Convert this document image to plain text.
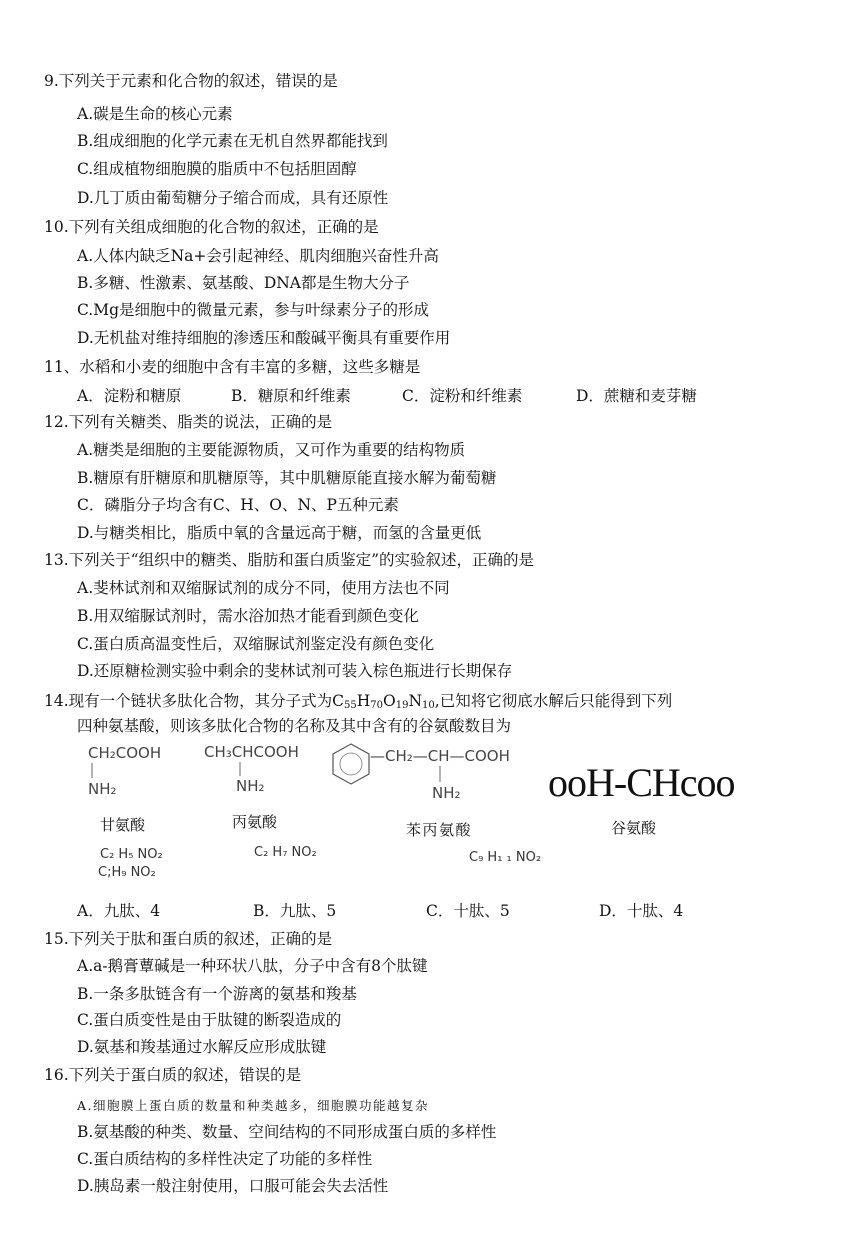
9.下列关于元素和化合物的叙述，错误的是
A.碳是生命的核心元素
B.组成细胞的化学元素在无机自然界都能找到
C.组成植物细胞膜的脂质中不包括胆固醇
D.几丁质由葡萄糖分子缩合而成，具有还原性
10.下列有关组成细胞的化合物的叙述，正确的是
A.人体内缺乏Na+会引起神经、肌肉细胞兴奋性升高
B.多糖、性激素、氨基酸、DNA都是生物大分子
C.Mg是细胞中的微量元素，参与叶绿素分子的形成
D.无机盐对维持细胞的渗透压和酸碱平衡具有重要作用
11、水稻和小麦的细胞中含有丰富的多糖，这些多糖是
A．淀粉和糖原	B．糖原和纤维素	C．淀粉和纤维素	D．蔗糖和麦芽糖
12.下列有关糖类、脂类的说法，正确的是
A.糖类是细胞的主要能源物质，又可作为重要的结构物质
B.糖原有肝糖原和肌糖原等，其中肌糖原能直接水解为葡萄糖
C．磷脂分子均含有C、H、O、N、P五种元素
D.与糖类相比，脂质中氧的含量远高于糖，而氢的含量更低
13.下列关于“组织中的糖类、脂肪和蛋白质鉴定”的实验叙述，正确的是
A.斐林试剂和双缩脲试剂的成分不同，使用方法也不同
B.用双缩脲试剂时，需水浴加热才能看到颜色变化
C.蛋白质高温变性后，双缩脲试剂鉴定没有颜色变化
D.还原糖检测实验中剩余的斐林试剂可装入棕色瓶进行长期保存
14.现有一个链状多肽化合物，其分子式为$C_{55}H_{70}O_{19}N_{10}$,已知将它彻底水解后只能得到下列
四种氨基酸，则该多肽化合物的名称及其中含有的谷氨酸数目为
CH₂COOH
NH₂
CH₃CHCOOH
NH₂
—CH₂—CH—COOH
NH₂ ooH-CHcoo
甘氨酸	丙氨酸	苯丙氨酸	谷氨酸
C₂ H₅ NO₂	C₂ H₇ NO₂	C₉ H₁ ₁ NO₂
C;H₉ NO₂
A．九肽、4	B．九肽、5	C．十肽、5	D．十肽、4
15.下列关于肽和蛋白质的叙述，正确的是
A.a-鹅膏蕈碱是一种环状八肽，分子中含有8个肽键
B.一条多肽链含有一个游离的氨基和羧基
C.蛋白质变性是由于肽键的断裂造成的
D.氨基和羧基通过水解反应形成肽键
16.下列关于蛋白质的叙述，错误的是
A.细胞膜上蛋白质的数量和种类越多，细胞膜功能越复杂
B.氨基酸的种类、数量、空间结构的不同形成蛋白质的多样性
C.蛋白质结构的多样性决定了功能的多样性
D.胰岛素一般注射使用，口服可能会失去活性
